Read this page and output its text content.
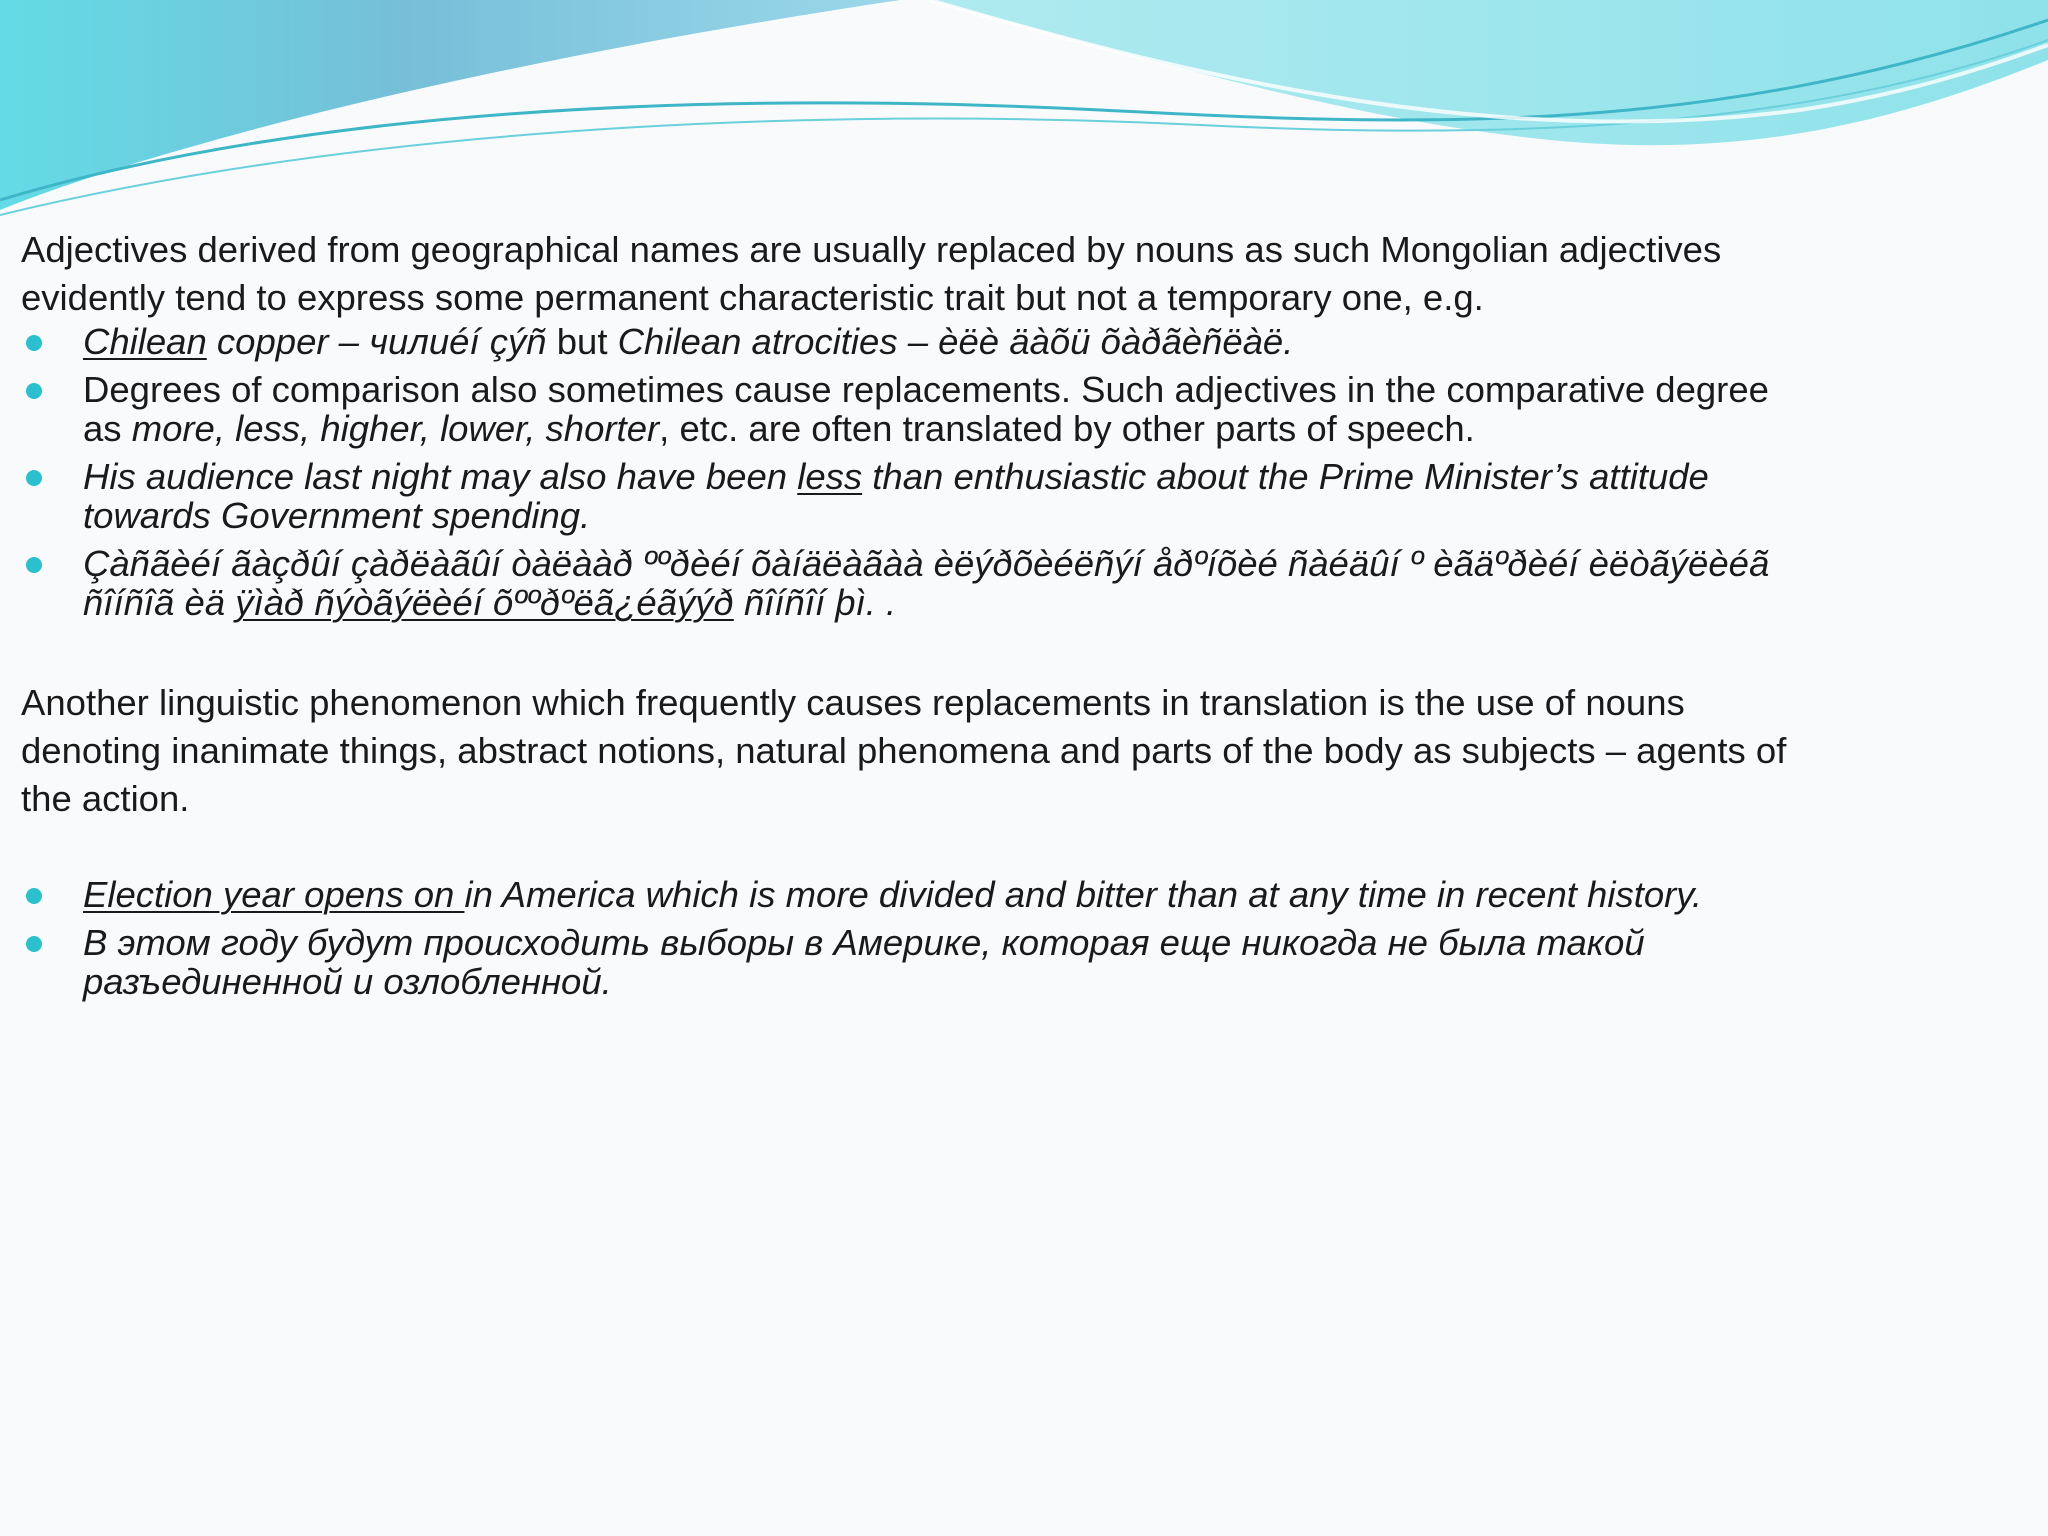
Adjectives derived from geographical names are usually replaced by nouns as such Mongolian adjectives evidently tend to express some permanent characteristic trait but not a temporary one, e.g.

Chilean copper – чилиéí çýñ but Chilean atrocities – èëè äàõü õàðãèñëàë.
Degrees of comparison also sometimes cause replacements. Such adjectives in the comparative degree as more, less, higher, lower, shorter, etc. are often translated by other parts of speech.
His audience last night may also have been less than enthusiastic about the Prime Minister’s attitude towards Government spending.
Çàñãèéí ãàçðûí çàðëàãûí òàëààð ººðèéí õàíäëàãàà èëýðõèéëñýí åðºíõèé ñàéäûí º èãäºðèéí èëòãýëèéã ñîíñîã èä ÿìàð ñýòãýëèéí õººðºëã¿éãýýð ñîíñîí þì. .

Another linguistic phenomenon which frequently causes replacements in translation is the use of nouns denoting inanimate things, abstract notions, natural phenomena and parts of the body as subjects – agents of the action.

Election year opens on in America which is more divided and bitter than at any time in recent history.
В этом году будут происходить выборы в Америке, которая еще никогда не была такой разъединенной и озлобленной.
